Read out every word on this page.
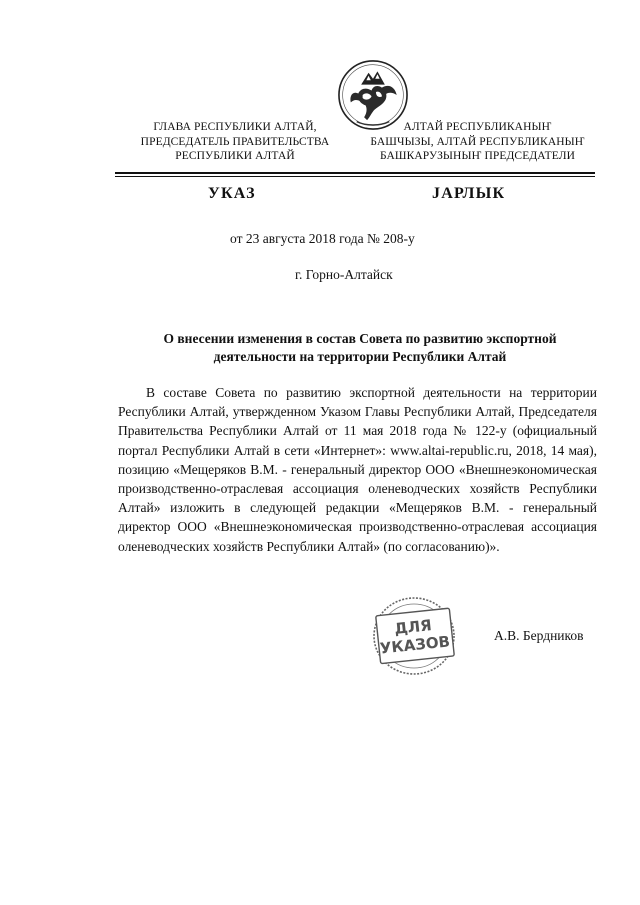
ГЛАВА РЕСПУБЛИКИ АЛТАЙ,
ПРЕДСЕДАТЕЛЬ ПРАВИТЕЛЬСТВА
РЕСПУБЛИКИ АЛТАЙ
АЛТАЙ РЕСПУБЛИКАНЫҤ
БАШЧЫЗЫ, АЛТАЙ РЕСПУБЛИКАНЫҤ
БАШКАРУЗЫНЫҤ ПРЕДСЕДАТЕЛИ
УКАЗ	ЈАРЛЫК
от 23 августа 2018 года № 208-у
г. Горно-Алтайск
О внесении изменения в состав Совета по развитию экспортной
деятельности на территории Республики Алтай

В составе Совета по развитию экспортной деятельности на территории Республики Алтай, утвержденном Указом Главы Республики Алтай, Председателя Правительства Республики Алтай от 11 мая 2018 года № 122-у (официальный портал Республики Алтай в сети «Интернет»: www.altai-republic.ru, 2018, 14 мая), позицию «Мещеряков В.М. - генеральный директор ООО «Внешнеэкономическая производственно-отраслевая ассоциация оленеводческих хозяйств Республики Алтай» изложить в следующей редакции «Мещеряков В.М. - генеральный директор ООО «Внешнеэкономическая производственно-отраслевая ассоциация оленеводческих хозяйств Республики Алтай» (по согласованию)».

ДЛЯ
УКАЗОВ	А.В. Бердников
